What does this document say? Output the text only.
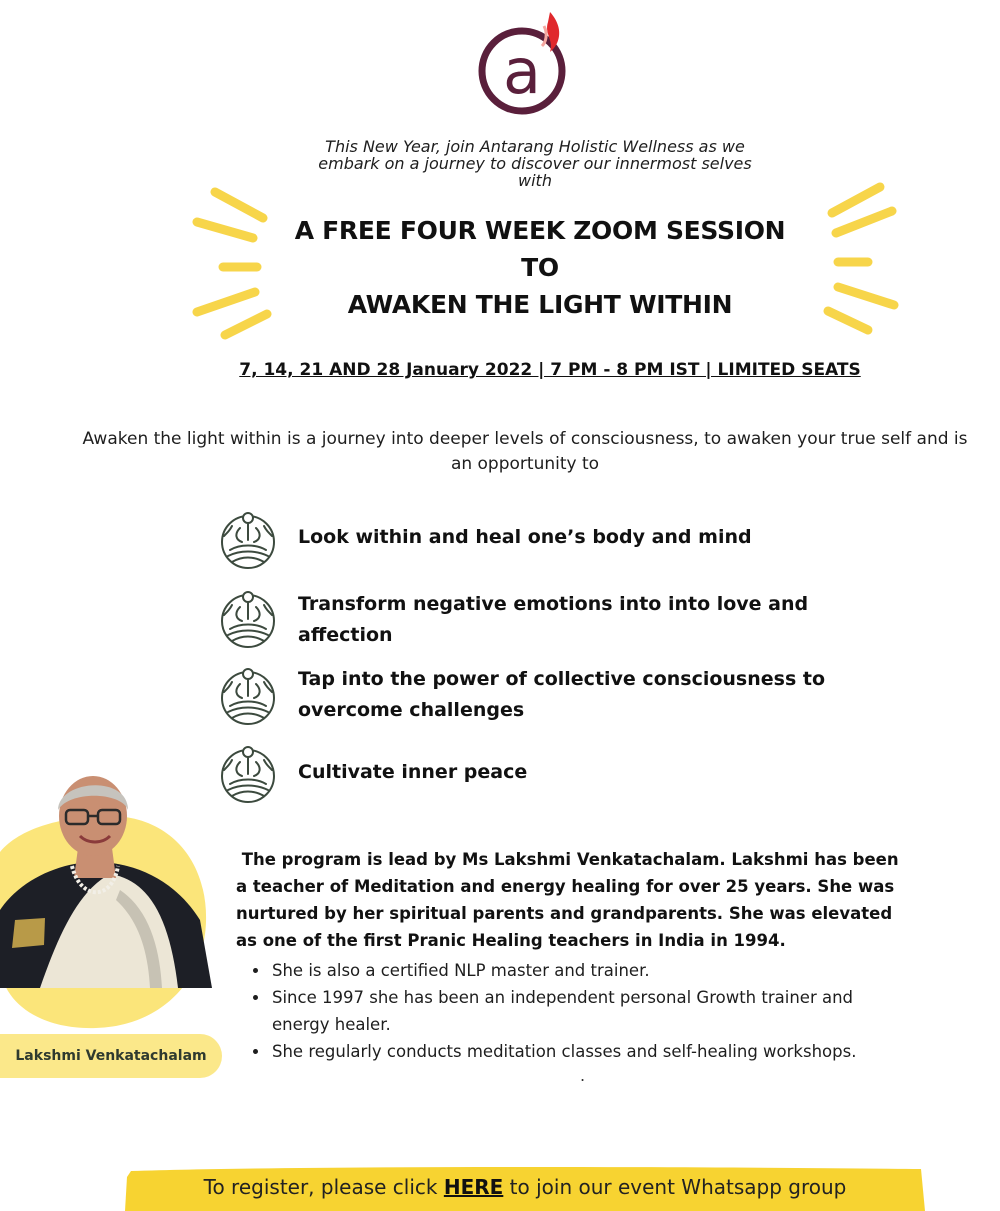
a
This New Year, join Antarang Holistic Wellness as we
embark on a journey to discover our innermost selves
with
A FREE FOUR WEEK ZOOM SESSION
TO
AWAKEN THE LIGHT WITHIN
7, 14, 21 AND 28 January 2022 | 7 PM - 8 PM IST | LIMITED SEATS
Awaken the light within is a journey into deeper levels of consciousness, to awaken your true self and is
an opportunity to
Look within and heal one’s body and mind
Transform negative emotions into into love and affection
Tap into the power of collective consciousness to
overcome challenges
Cultivate inner peace
Lakshmi Venkatachalam
The program is lead by Ms Lakshmi Venkatachalam. Lakshmi has been
a teacher of Meditation and energy healing for over 25 years. She was
nurtured by her spiritual parents and grandparents. She was elevated
as one of the first Pranic Healing teachers in India in 1994.
• She is also a certified NLP master and trainer.
• Since 1997 she has been an independent personal Growth trainer and
energy healer.
• She regularly conducts meditation classes and self-healing workshops.
.
To register, please click HERE to join our event Whatsapp group
